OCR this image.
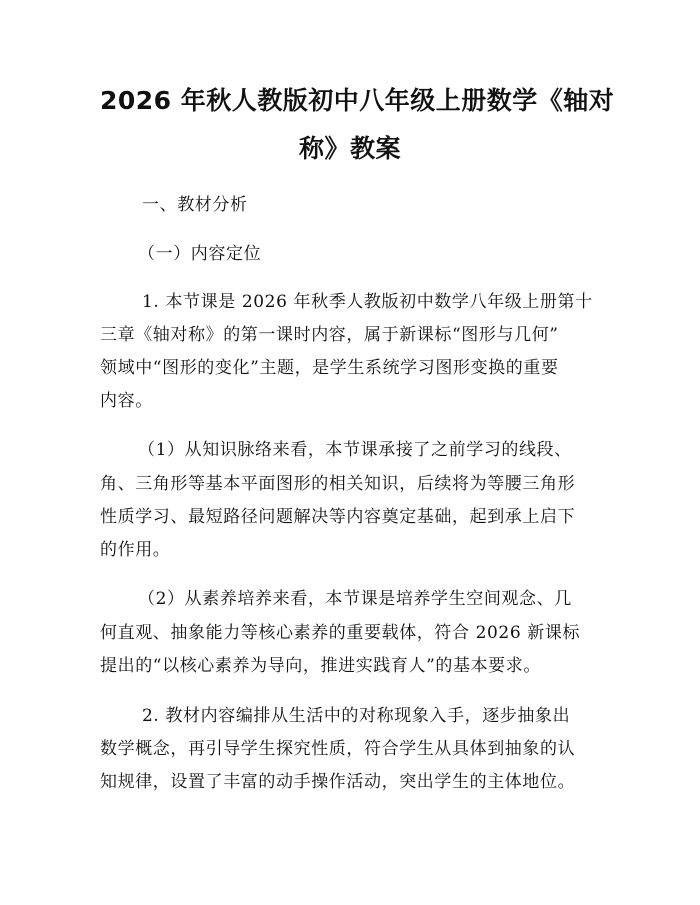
2026 年秋人教版初中八年级上册数学《轴对
称》教案
一、教材分析
（一）内容定位
1. 本节课是 2026 年秋季人教版初中数学八年级上册第十
三章《轴对称》的第一课时内容，属于新课标“图形与几何”
领域中“图形的变化”主题，是学生系统学习图形变换的重要
内容。
（1）从知识脉络来看，本节课承接了之前学习的线段、
角、三角形等基本平面图形的相关知识，后续将为等腰三角形
性质学习、最短路径问题解决等内容奠定基础，起到承上启下
的作用。
（2）从素养培养来看，本节课是培养学生空间观念、几
何直观、抽象能力等核心素养的重要载体，符合 2026 新课标
提出的“以核心素养为导向，推进实践育人”的基本要求。
2. 教材内容编排从生活中的对称现象入手，逐步抽象出
数学概念，再引导学生探究性质，符合学生从具体到抽象的认
知规律，设置了丰富的动手操作活动，突出学生的主体地位。
